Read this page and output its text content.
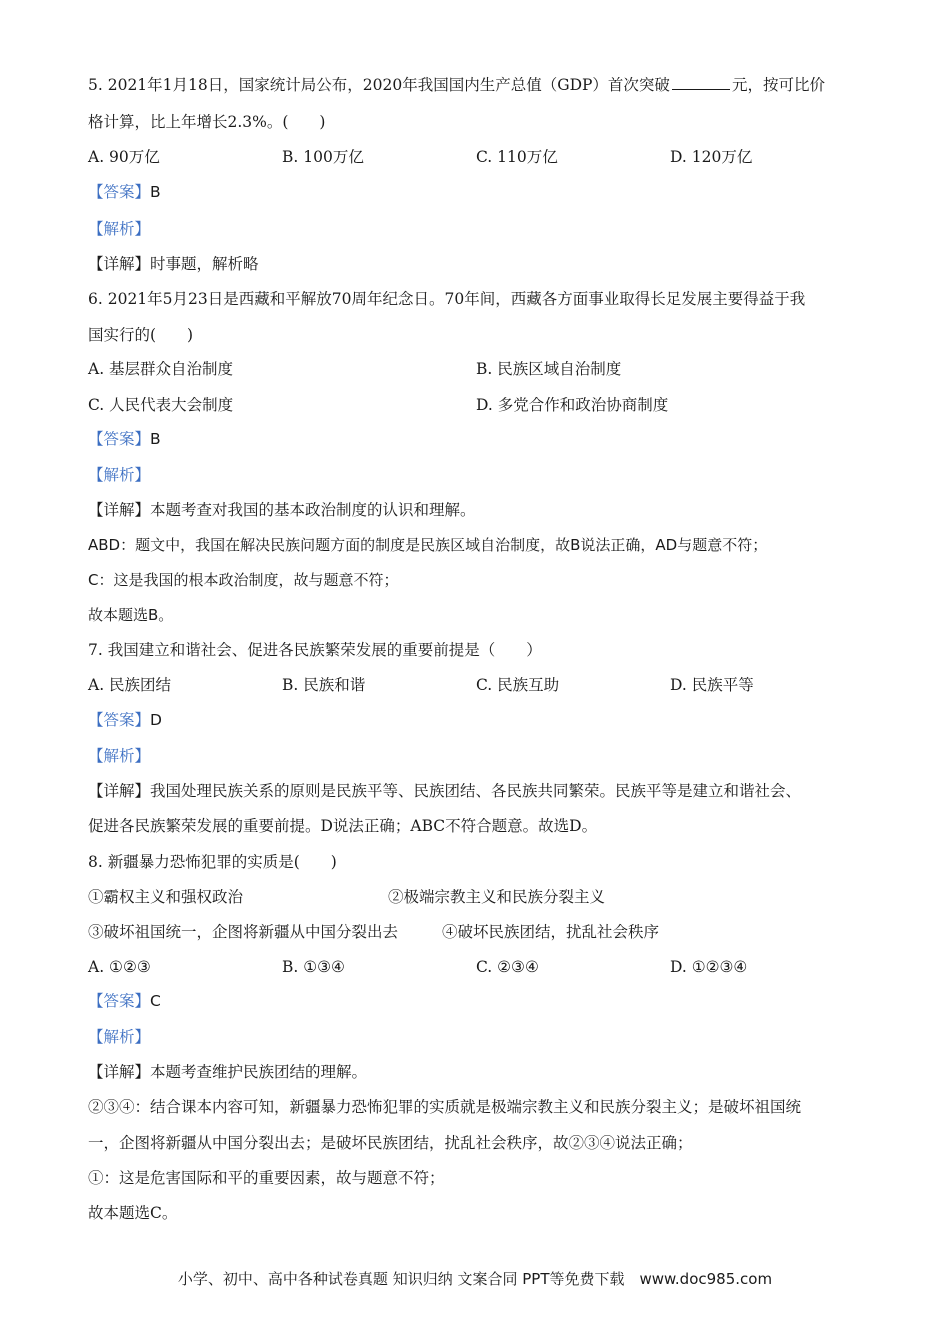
5. 2021年1月18日，国家统计局公布，2020年我国国内生产总值（GDP）首次突破	元，按可比价
格计算，比上年增长2.3%。(　　)
A. 90万亿	B. 100万亿	C. 110万亿	D. 120万亿
【答案】B
【解析】
【详解】时事题，解析略
6. 2021年5月23日是西藏和平解放70周年纪念日。70年间，西藏各方面事业取得长足发展主要得益于我
国实行的(　　)
A. 基层群众自治制度	B. 民族区域自治制度
C. 人民代表大会制度	D. 多党合作和政治协商制度
【答案】B
【解析】
【详解】本题考查对我国的基本政治制度的认识和理解。
ABD：题文中，我国在解决民族问题方面的制度是民族区域自治制度，故B说法正确，AD与题意不符；
C：这是我国的根本政治制度，故与题意不符；
故本题选B。
7. 我国建立和谐社会、促进各民族繁荣发展的重要前提是（　　）
A. 民族团结	B. 民族和谐	C. 民族互助	D. 民族平等
【答案】D
【解析】
【详解】我国处理民族关系的原则是民族平等、民族团结、各民族共同繁荣。民族平等是建立和谐社会、
促进各民族繁荣发展的重要前提。D说法正确；ABC不符合题意。故选D。
8. 新疆暴力恐怖犯罪的实质是(　　)
①霸权主义和强权政治	②极端宗教主义和民族分裂主义
③破坏祖国统一，企图将新疆从中国分裂出去	④破坏民族团结，扰乱社会秩序
A. ①②③	B. ①③④	C. ②③④	D. ①②③④
【答案】C
【解析】
【详解】本题考查维护民族团结的理解。
②③④：结合课本内容可知，新疆暴力恐怖犯罪的实质就是极端宗教主义和民族分裂主义；是破坏祖国统
一，企图将新疆从中国分裂出去；是破坏民族团结，扰乱社会秩序，故②③④说法正确；
①：这是危害国际和平的重要因素，故与题意不符；
故本题选C。
小学、初中、高中各种试卷真题 知识归纳 文案合同 PPT等免费下载　www.doc985.com
